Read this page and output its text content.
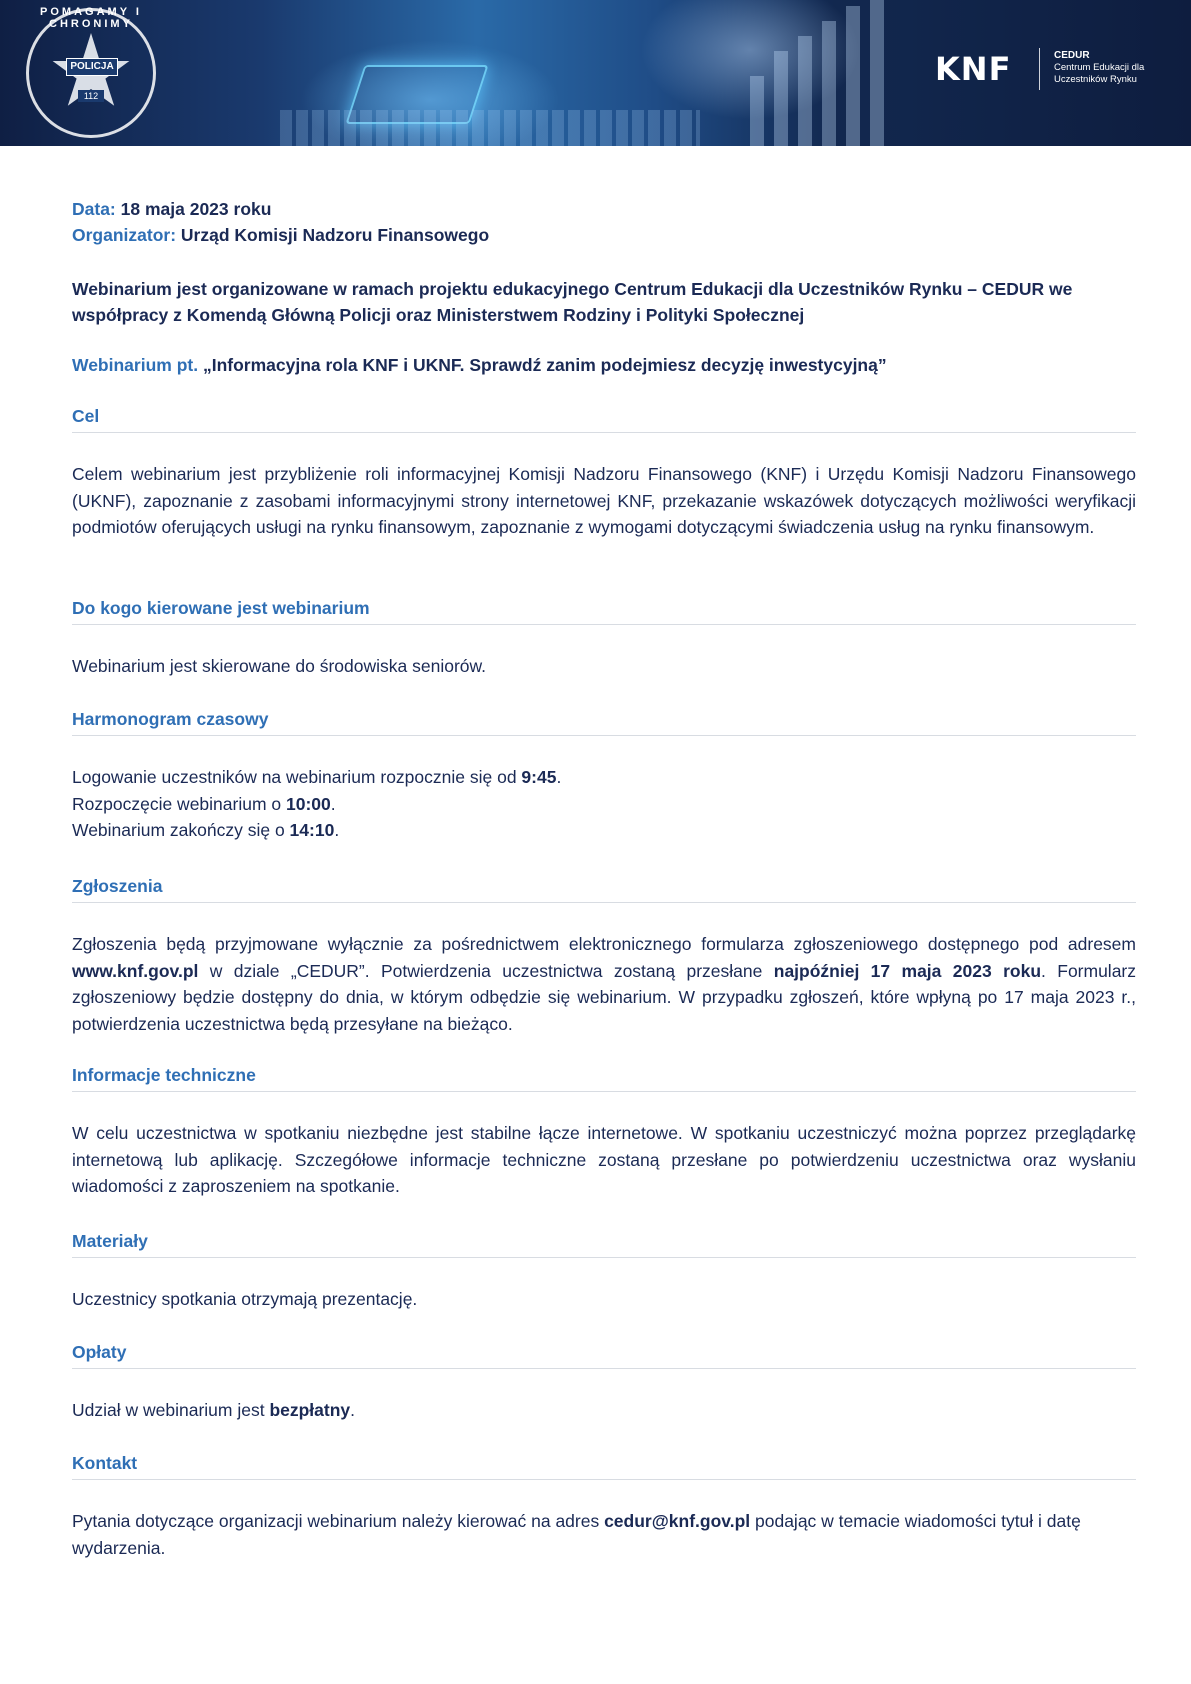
POMAGAMY I CHRONIMY
POLICJA
112
KNF	CEDUR
Centrum Edukacji dla
Uczestników Rynku

Data: 18 maja 2023 roku

Organizator: Urząd Komisji Nadzoru Finansowego

Webinarium jest organizowane w ramach projektu edukacyjnego Centrum Edukacji dla Uczestników Rynku – CEDUR we współpracy z Komendą Główną Policji oraz Ministerstwem Rodziny i Polityki Społecznej

Webinarium pt. „Informacyjna rola KNF i UKNF. Sprawdź zanim podejmiesz decyzję inwestycyjną”

Cel

Celem webinarium jest przybliżenie roli informacyjnej Komisji Nadzoru Finansowego (KNF) i Urzędu Komisji Nadzoru Finansowego (UKNF), zapoznanie z zasobami informacyjnymi strony internetowej KNF, przekazanie wskazówek dotyczących możliwości weryfikacji podmiotów oferujących usługi na rynku finansowym, zapoznanie z wymogami dotyczącymi świadczenia usług na rynku finansowym.

Do kogo kierowane jest webinarium

Webinarium jest skierowane do środowiska seniorów.

Harmonogram czasowy

Logowanie uczestników na webinarium rozpocznie się od 9:45.

Rozpoczęcie webinarium o 10:00.

Webinarium zakończy się o 14:10.

Zgłoszenia

Zgłoszenia będą przyjmowane wyłącznie za pośrednictwem elektronicznego formularza zgłoszeniowego dostępnego pod adresem www.knf.gov.pl w dziale „CEDUR”. Potwierdzenia uczestnictwa zostaną przesłane najpóźniej 17 maja 2023 roku. Formularz zgłoszeniowy będzie dostępny do dnia, w którym odbędzie się webinarium. W przypadku zgłoszeń, które wpłyną po 17 maja 2023 r., potwierdzenia uczestnictwa będą przesyłane na bieżąco.

Informacje techniczne

W celu uczestnictwa w spotkaniu niezbędne jest stabilne łącze internetowe. W spotkaniu uczestniczyć można poprzez przeglądarkę internetową lub aplikację. Szczegółowe informacje techniczne zostaną przesłane po potwierdzeniu uczestnictwa oraz wysłaniu wiadomości z zaproszeniem na spotkanie.

Materiały

Uczestnicy spotkania otrzymają prezentację.

Opłaty

Udział w webinarium jest bezpłatny.

Kontakt

Pytania dotyczące organizacji webinarium należy kierować na adres cedur@knf.gov.pl podając w temacie wiadomości tytuł i datę wydarzenia.
